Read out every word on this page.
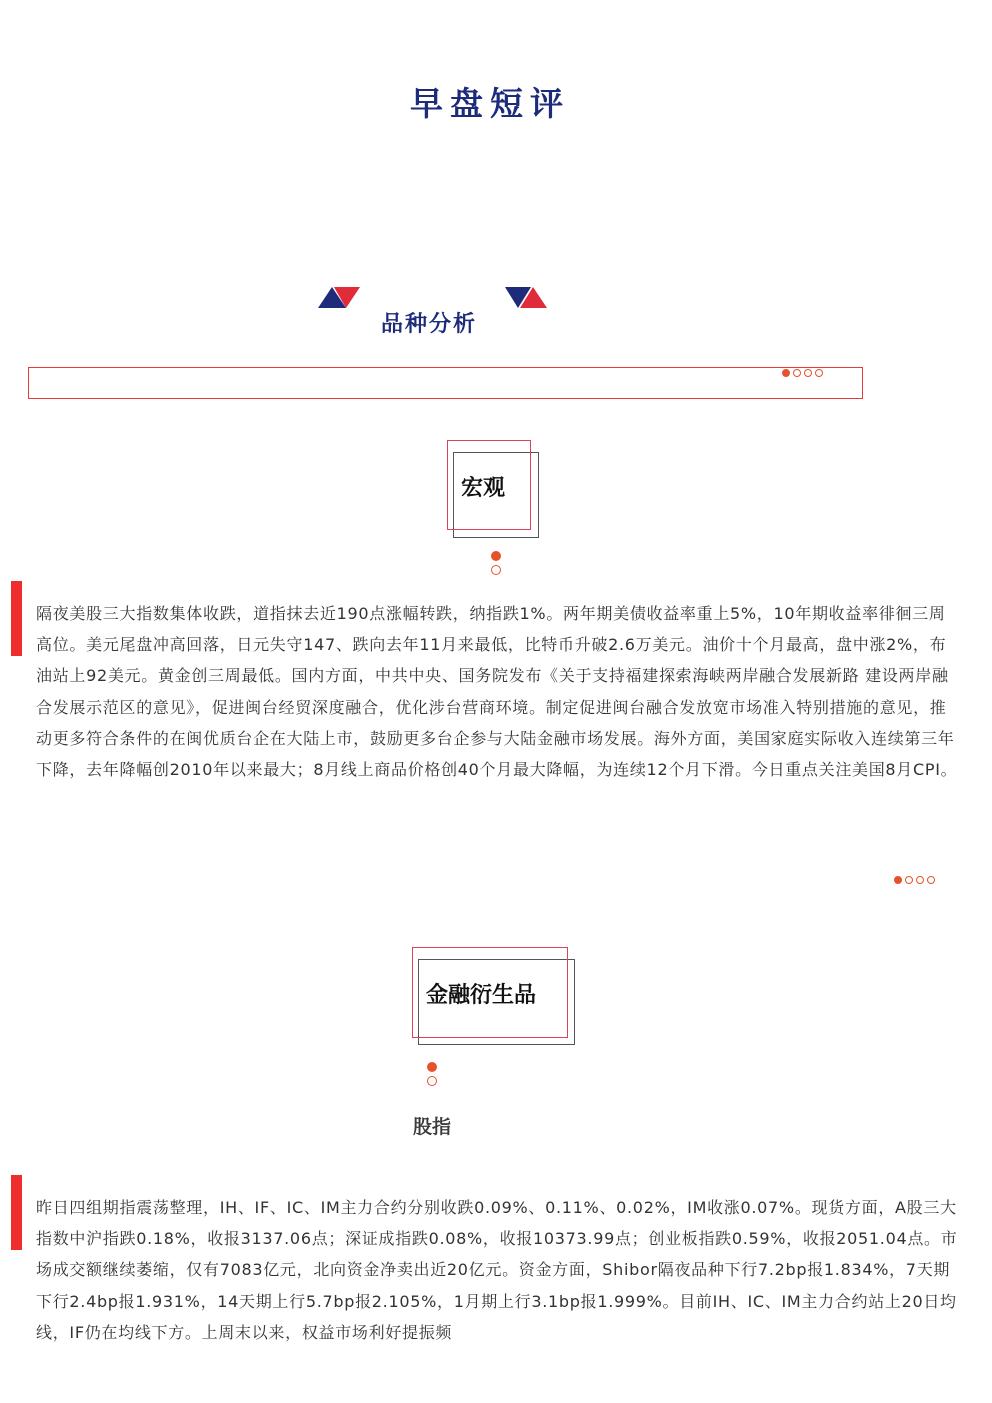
早盘短评
品种分析
宏观

隔夜美股三大指数集体收跌，道指抹去近190点涨幅转跌，纳指跌1%。两年期美债收益率重上5%，10年期收益率徘徊三周高位。美元尾盘冲高回落，日元失守147、跌向去年11月来最低，比特币升破2.6万美元。油价十个月最高，盘中涨2%，布油站上92美元。黄金创三周最低。国内方面，中共中央、国务院发布《关于支持福建探索海峡两岸融合发展新路 建设两岸融合发展示范区的意见》，促进闽台经贸深度融合，优化涉台营商环境。制定促进闽台融合发放宽市场准入特别措施的意见，推动更多符合条件的在闽优质台企在大陆上市，鼓励更多台企参与大陆金融市场发展。海外方面，美国家庭实际收入连续第三年下降，去年降幅创2010年以来最大；8月线上商品价格创40个月最大降幅，为连续12个月下滑。今日重点关注美国8月CPI。

金融衍生品
股指

昨日四组期指震荡整理，IH、IF、IC、IM主力合约分别收跌0.09%、0.11%、0.02%，IM收涨0.07%。现货方面，A股三大指数中沪指跌0.18%，收报3137.06点；深证成指跌0.08%，收报10373.99点；创业板指跌0.59%，收报2051.04点。市场成交额继续萎缩，仅有7083亿元，北向资金净卖出近20亿元。资金方面，Shibor隔夜品种下行7.2bp报1.834%，7天期下行2.4bp报1.931%，14天期上行5.7bp报2.105%，1月期上行3.1bp报1.999%。目前IH、IC、IM主力合约站上20日均线，IF仍在均线下方。上周末以来，权益市场利好提振频
